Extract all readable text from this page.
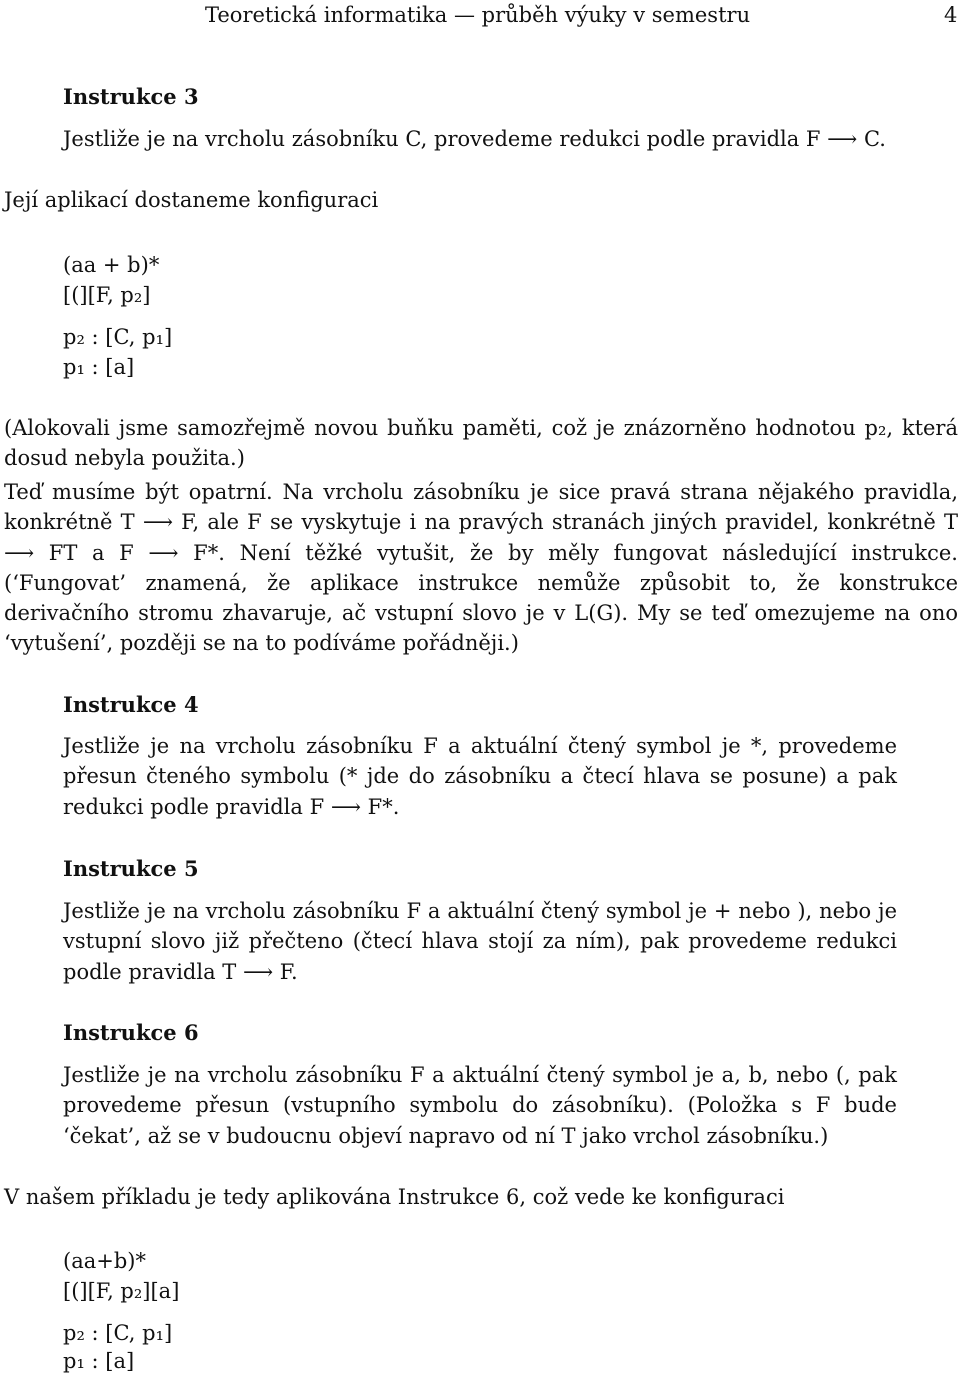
Teoretická informatika — průběh výuky v semestru	4
Instrukce 3
Jestliže je na vrcholu zásobníku C, provedeme redukci podle pravidla F ⟶ C.
Její aplikací dostaneme konfiguraci
(aa + b)*
[(][F, p₂]
p₂ : [C, p₁]
p₁ : [a]
(Alokovali jsme samozřejmě novou buňku paměti, což je znázorněno hodnotou p₂, která dosud nebyla použita.)
Teď musíme být opatrní. Na vrcholu zásobníku je sice pravá strana nějakého pravidla, konkrétně T ⟶ F, ale F se vyskytuje i na pravých stranách jiných pravidel, konkrétně T ⟶ FT a F ⟶ F*. Není těžké vytušit, že by měly fungovat následující instrukce. (‘Fungovat’ znamená, že aplikace instrukce nemůže způsobit to, že konstrukce derivačního stromu zhavaruje, ač vstupní slovo je v L(G). My se teď omezujeme na ono ‘vytušení’, později se na to podíváme pořádněji.)
Instrukce 4
Jestliže je na vrcholu zásobníku F a aktuální čtený symbol je *, provedeme přesun čteného symbolu (* jde do zásobníku a čtecí hlava se posune) a pak redukci podle pravidla F ⟶ F*.
Instrukce 5
Jestliže je na vrcholu zásobníku F a aktuální čtený symbol je + nebo ), nebo je vstupní slovo již přečteno (čtecí hlava stojí za ním), pak provedeme redukci podle pravidla T ⟶ F.
Instrukce 6
Jestliže je na vrcholu zásobníku F a aktuální čtený symbol je a, b, nebo (, pak provedeme přesun (vstupního symbolu do zásobníku). (Položka s F bude ‘čekat’, až se v budoucnu objeví napravo od ní T jako vrchol zásobníku.)
V našem příkladu je tedy aplikována Instrukce 6, což vede ke konfiguraci
(aa+b)*
[(][F, p₂][a]
p₂ : [C, p₁]
p₁ : [a]
